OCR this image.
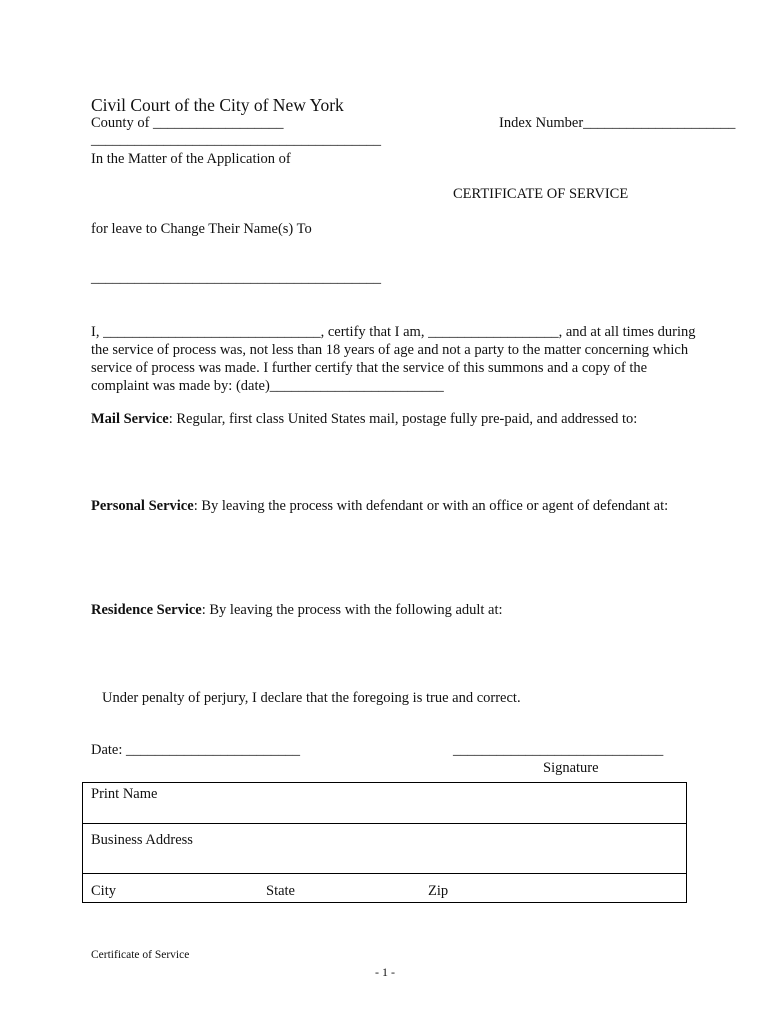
Civil Court of the City of New York
County of __________________	Index Number_____________________
________________________________________
In the Matter of the Application of
CERTIFICATE OF SERVICE
for leave to Change Their Name(s) To
________________________________________
I, ______________________________, certify that I am, __________________, and at all times during the service of process was, not less than 18 years of age and not a party to the matter concerning which service of process was made. I further certify that the service of this summons and a copy of the complaint was made by: (date)________________________
Mail Service: Regular, first class United States mail, postage fully pre-paid, and addressed to:
Personal Service: By leaving the process with defendant or with an office or agent of defendant at:
Residence Service: By leaving the process with the following adult at:
Under penalty of perjury, I declare that the foregoing is true and correct.
Date: ________________________	_____________________________
Signature
Print Name
Business Address
City	State	Zip
Certificate of Service
- 1 -
